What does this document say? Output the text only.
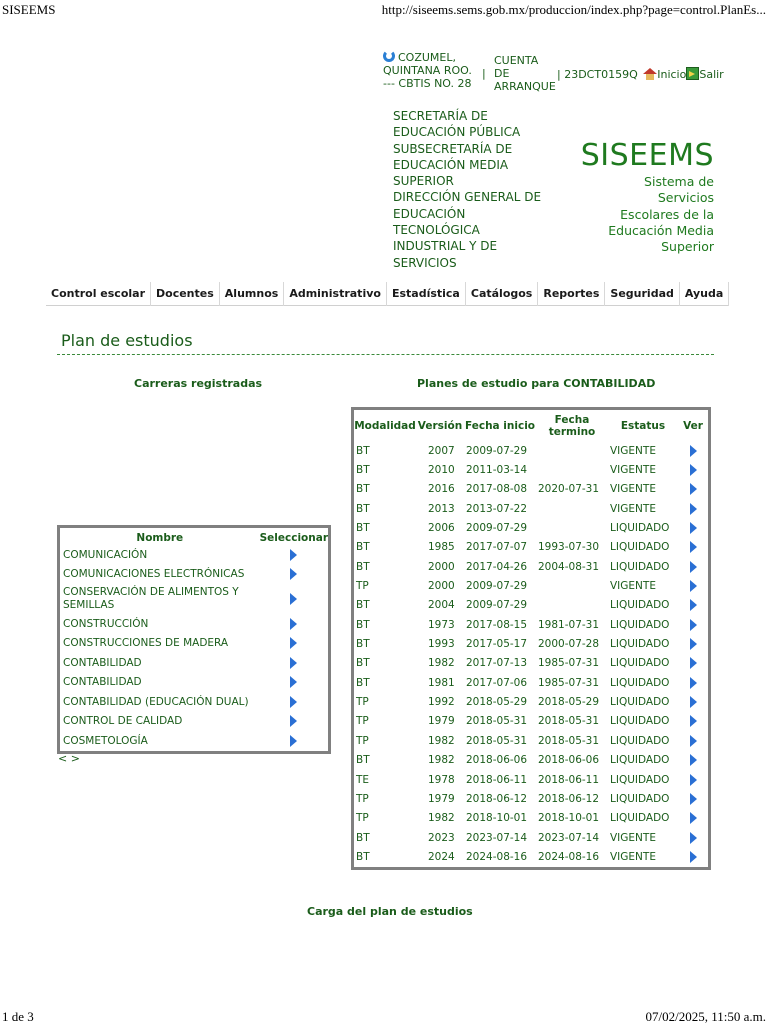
SISEEMS	http://siseems.sems.gob.mx/produccion/index.php?page=control.PlanEs...
COZUMEL,
QUINTANA ROO.
--- CBTIS NO. 28
|
CUENTA
DE
ARRANQUE
| 23DCT0159Q Inicio Salir
SECRETARÍA DE
EDUCACIÓN PÚBLICA
SUBSECRETARÍA DE
EDUCACIÓN MEDIA
SUPERIOR
DIRECCIÓN GENERAL DE
EDUCACIÓN
TECNOLÓGICA
INDUSTRIAL Y DE
SERVICIOS
SISEEMS
Sistema de Servicios
Escolares de la
Educación Media
Superior
Control escolar	Docentes	Alumnos	Administrativo	Estadística	Catálogos	Reportes	Seguridad	Ayuda
Plan de estudios
Carreras registradas	Planes de estudio para CONTABILIDAD
Nombre	Seleccionar
COMUNICACIÓN	
COMUNICACIONES ELECTRÓNICAS	
CONSERVACIÓN DE ALIMENTOS Y SEMILLAS	
CONSTRUCCIÓN	
CONSTRUCCIONES DE MADERA	
CONTABILIDAD	
CONTABILIDAD	
CONTABILIDAD (EDUCACIÓN DUAL)	
CONTROL DE CALIDAD	
COSMETOLOGÍA	
< >
Modalidad	Versión	Fecha inicio	Fecha termino	Estatus	Ver
BT	2007	2009-07-29		VIGENTE	
BT	2010	2011-03-14		VIGENTE	
BT	2016	2017-08-08	2020-07-31	VIGENTE	
BT	2013	2013-07-22		VIGENTE	
BT	2006	2009-07-29		LIQUIDADO	
BT	1985	2017-07-07	1993-07-30	LIQUIDADO	
BT	2000	2017-04-26	2004-08-31	LIQUIDADO	
TP	2000	2009-07-29		VIGENTE	
BT	2004	2009-07-29		LIQUIDADO	
BT	1973	2017-08-15	1981-07-31	LIQUIDADO	
BT	1993	2017-05-17	2000-07-28	LIQUIDADO	
BT	1982	2017-07-13	1985-07-31	LIQUIDADO	
BT	1981	2017-07-06	1985-07-31	LIQUIDADO	
TP	1992	2018-05-29	2018-05-29	LIQUIDADO	
TP	1979	2018-05-31	2018-05-31	LIQUIDADO	
TP	1982	2018-05-31	2018-05-31	LIQUIDADO	
BT	1982	2018-06-06	2018-06-06	LIQUIDADO	
TE	1978	2018-06-11	2018-06-11	LIQUIDADO	
TP	1979	2018-06-12	2018-06-12	LIQUIDADO	
TP	1982	2018-10-01	2018-10-01	LIQUIDADO	
BT	2023	2023-07-14	2023-07-14	VIGENTE	
BT	2024	2024-08-16	2024-08-16	VIGENTE	
Carga del plan de estudios
1 de 3	07/02/2025, 11:50 a.m.
